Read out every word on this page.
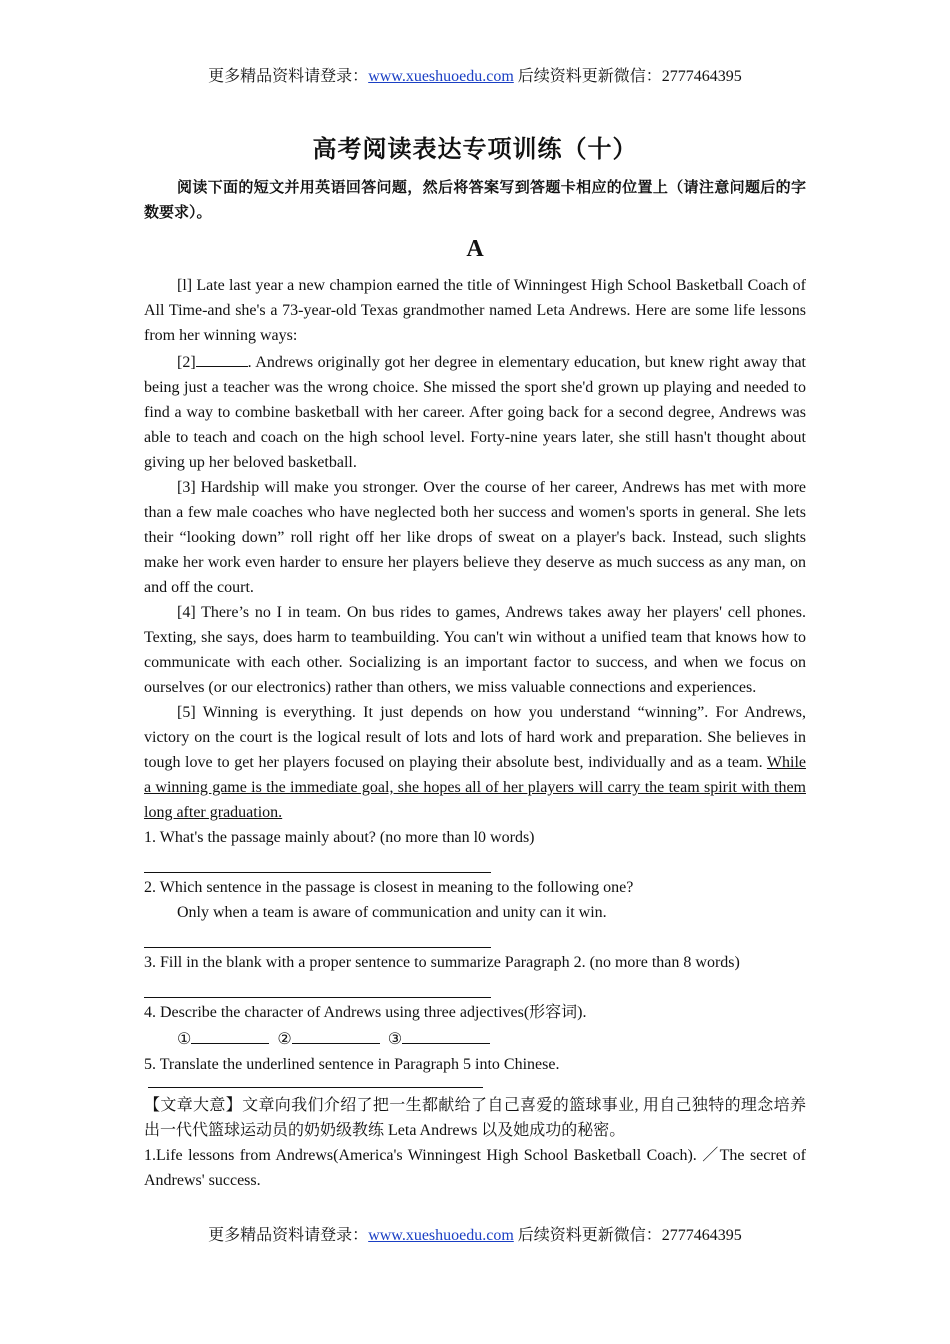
更多精品资料请登录：www.xueshuoedu.com 后续资料更新微信：2777464395
高考阅读表达专项训练（十）
阅读下面的短文并用英语回答问题，然后将答案写到答题卡相应的位置上（请注意问题后的字数要求）。
A

[l] Late last year a new champion earned the title of Winningest High School Basketball Coach of All Time-and she's a 73-year-old Texas grandmother named Leta Andrews. Here are some life lessons from her winning ways:

[2]	. Andrews originally got her degree in elementary education, but knew right away that being just a teacher was the wrong choice. She missed the sport she'd grown up playing and needed to find a way to combine basketball with her career. After going back for a second degree, Andrews was able to teach and coach on the high school level. Forty-nine years later, she still hasn't thought about giving up her beloved basketball.

[3] Hardship will make you stronger. Over the course of her career, Andrews has met with more than a few male coaches who have neglected both her success and women's sports in general. She lets their “looking down” roll right off her like drops of sweat on a player's back. Instead, such slights make her work even harder to ensure her players believe they deserve as much success as any man, on and off the court.

[4] There’s no I in team. On bus rides to games, Andrews takes away her players' cell phones. Texting, she says, does harm to teambuilding. You can't win without a unified team that knows how to communicate with each other. Socializing is an important factor to success, and when we focus on ourselves (or our electronics) rather than others, we miss valuable connections and experiences.

[5] Winning is everything. It just depends on how you understand “winning”. For Andrews, victory on the court is the logical result of lots and lots of hard work and preparation. She believes in tough love to get her players focused on playing their absolute best, individually and as a team. While a winning game is the immediate goal, she hopes all of her players will carry the team spirit with them long after graduation.

1. What's the passage mainly about? (no more than l0 words)

2. Which sentence in the passage is closest in meaning to the following one?

Only when a team is aware of communication and unity can it win.

3. Fill in the blank with a proper sentence to summarize Paragraph 2. (no more than 8 words)

4. Describe the character of Andrews using three adjectives(形容词).

①	②	③

5. Translate the underlined sentence in Paragraph 5 into Chinese.

【文章大意】文章向我们介绍了把一生都献给了自己喜爱的篮球事业, 用自己独特的理念培养出一代代篮球运动员的奶奶级教练 Leta Andrews 以及她成功的秘密。

1.Life lessons from Andrews(America's Winningest High School Basketball Coach). ／The secret of Andrews' success.

更多精品资料请登录：www.xueshuoedu.com 后续资料更新微信：2777464395
